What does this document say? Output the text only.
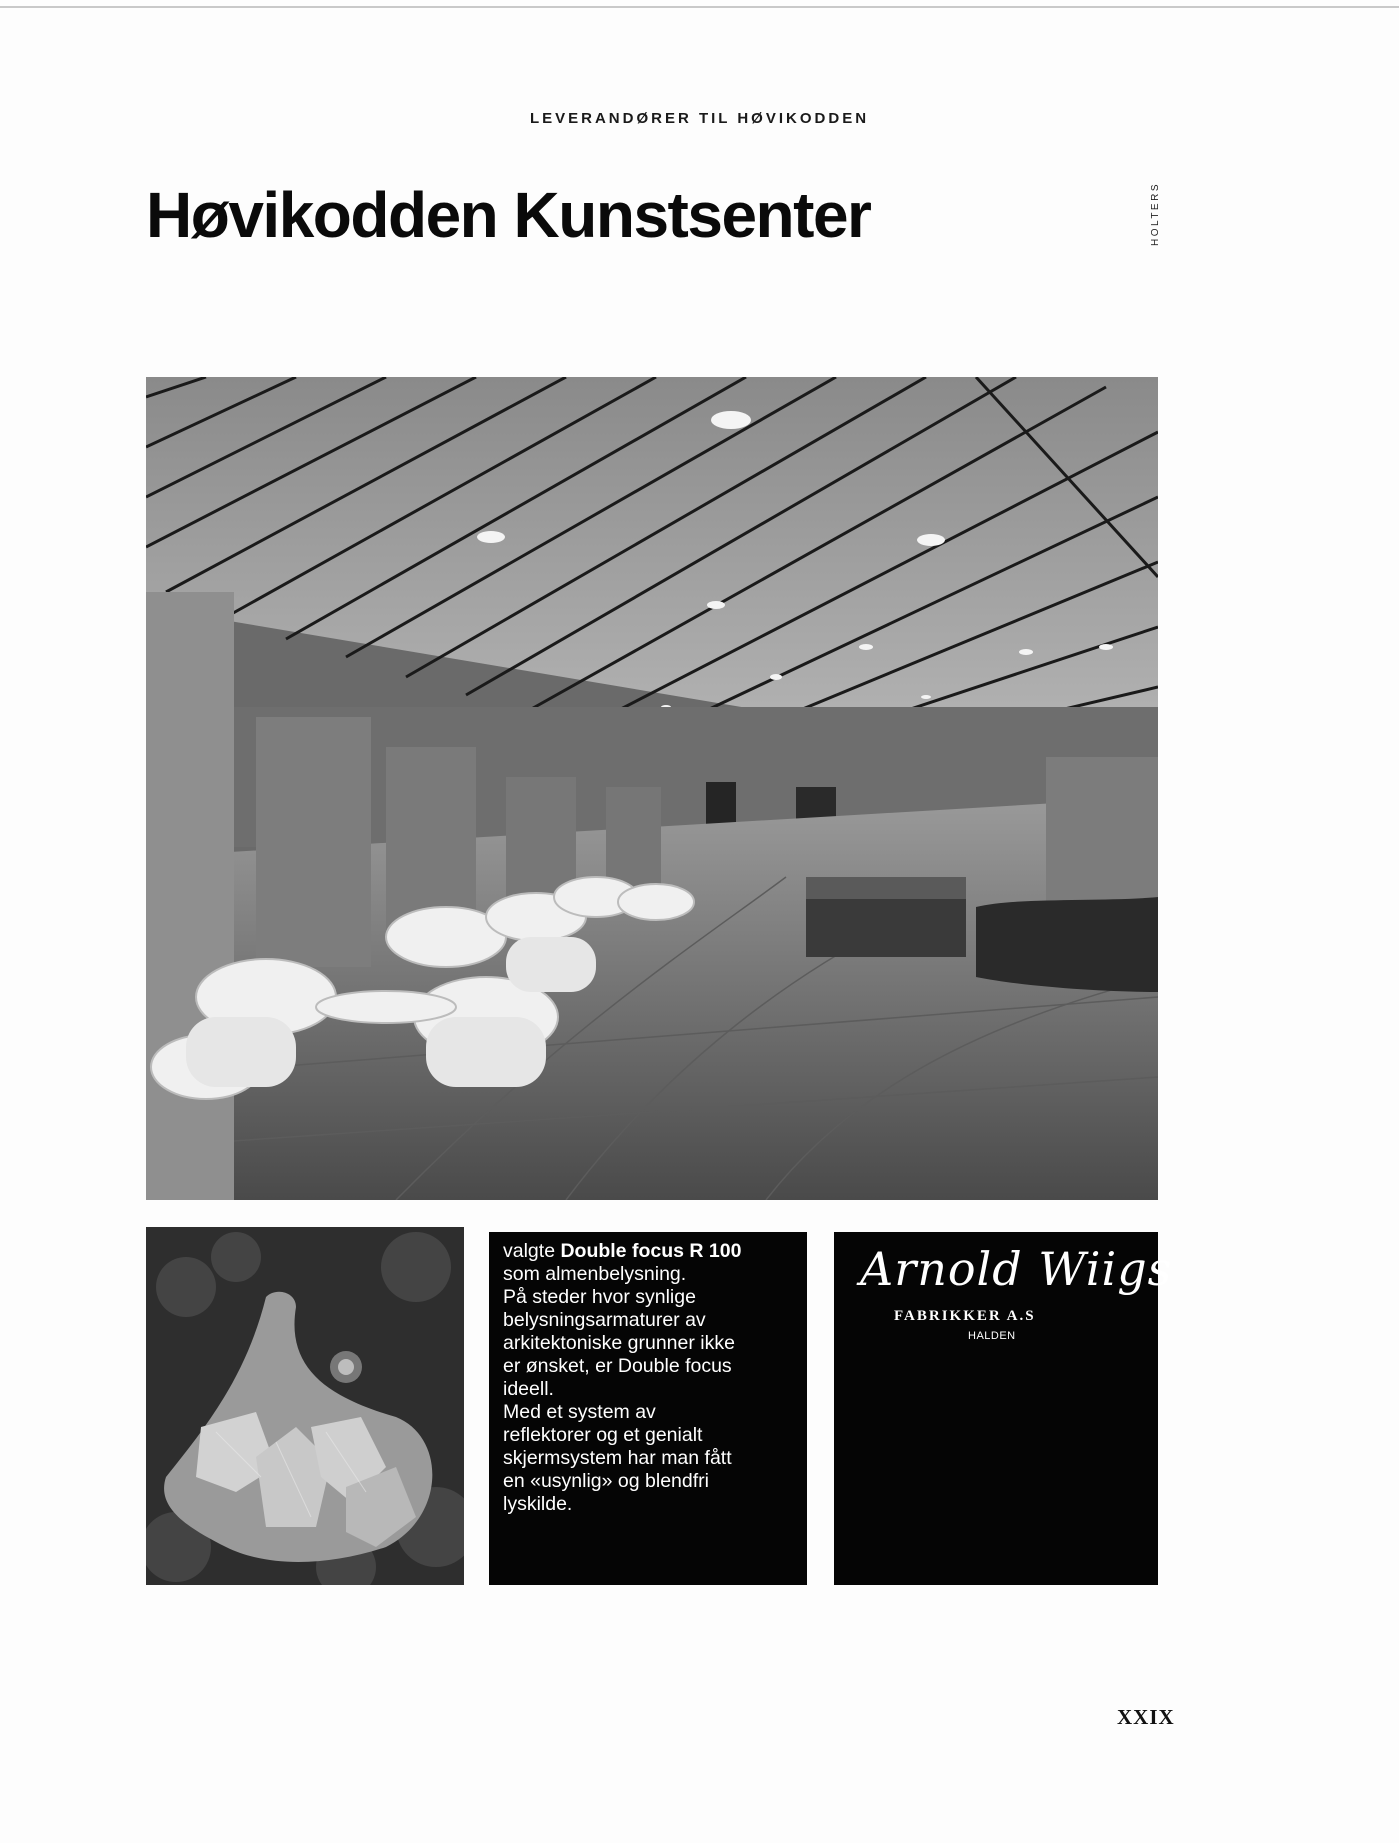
LEVERANDØRER TIL HØVIKODDEN
Høvikodden Kunstsenter	HOLTERS

valgte Double focus R 100
som almenbelysning.
På steder hvor synlige
belysningsarmaturer av
arkitektoniske grunner ikke
er ønsket, er Double focus
ideell.
Med et system av
reflektorer og et genialt
skjermsystem har man fått
en «usynlig» og blendfri
lyskilde.

Arnold Wiigs
FABRIKKER A.S
HALDEN
XXIX
